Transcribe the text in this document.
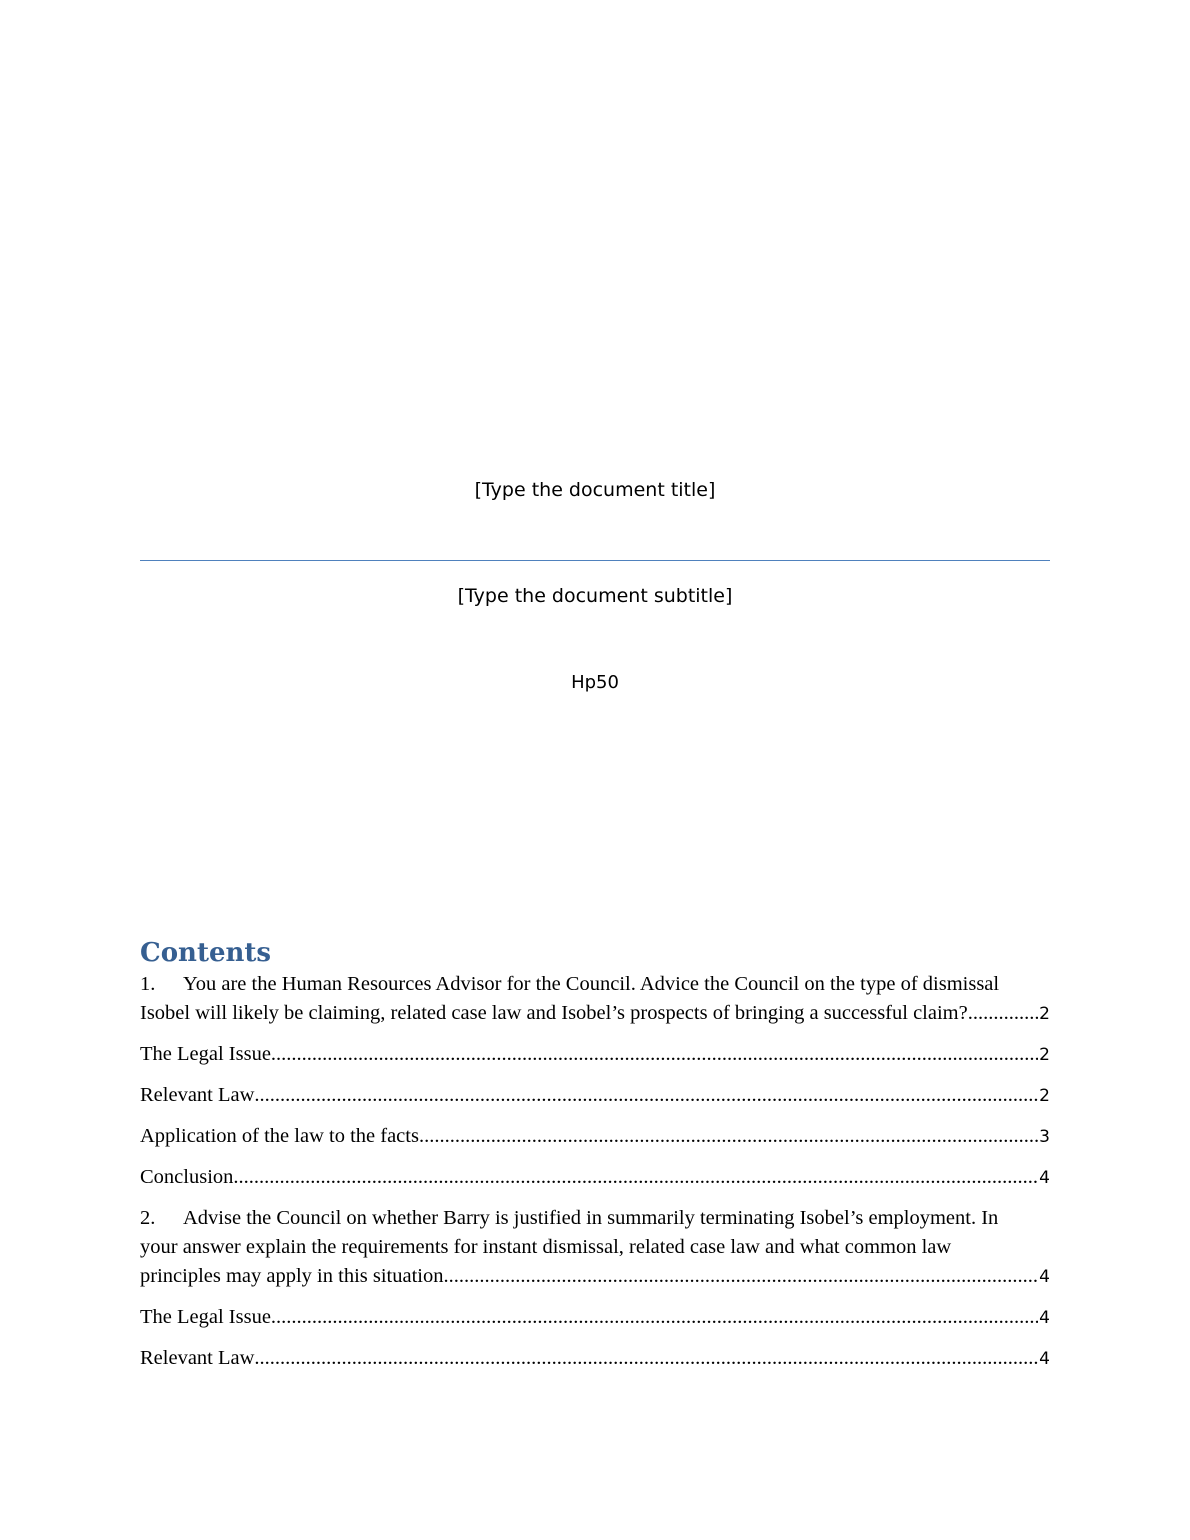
[Type the document title]
[Type the document subtitle]
Hp50
Contents
1. You are the Human Resources Advisor for the Council. Advice the Council on the type of dismissal
Isobel will likely be claiming, related case law and Isobel’s prospects of bringing a successful claim? .....	2
The Legal Issue .....	2
Relevant Law .....	2
Application of the law to the facts .....	3
Conclusion .....	4
2. Advise the Council on whether Barry is justified in summarily terminating Isobel’s employment. In
your answer explain the requirements for instant dismissal, related case law and what common law
principles may apply in this situation. .....	4
The Legal Issue .....	4
Relevant Law .....	4
